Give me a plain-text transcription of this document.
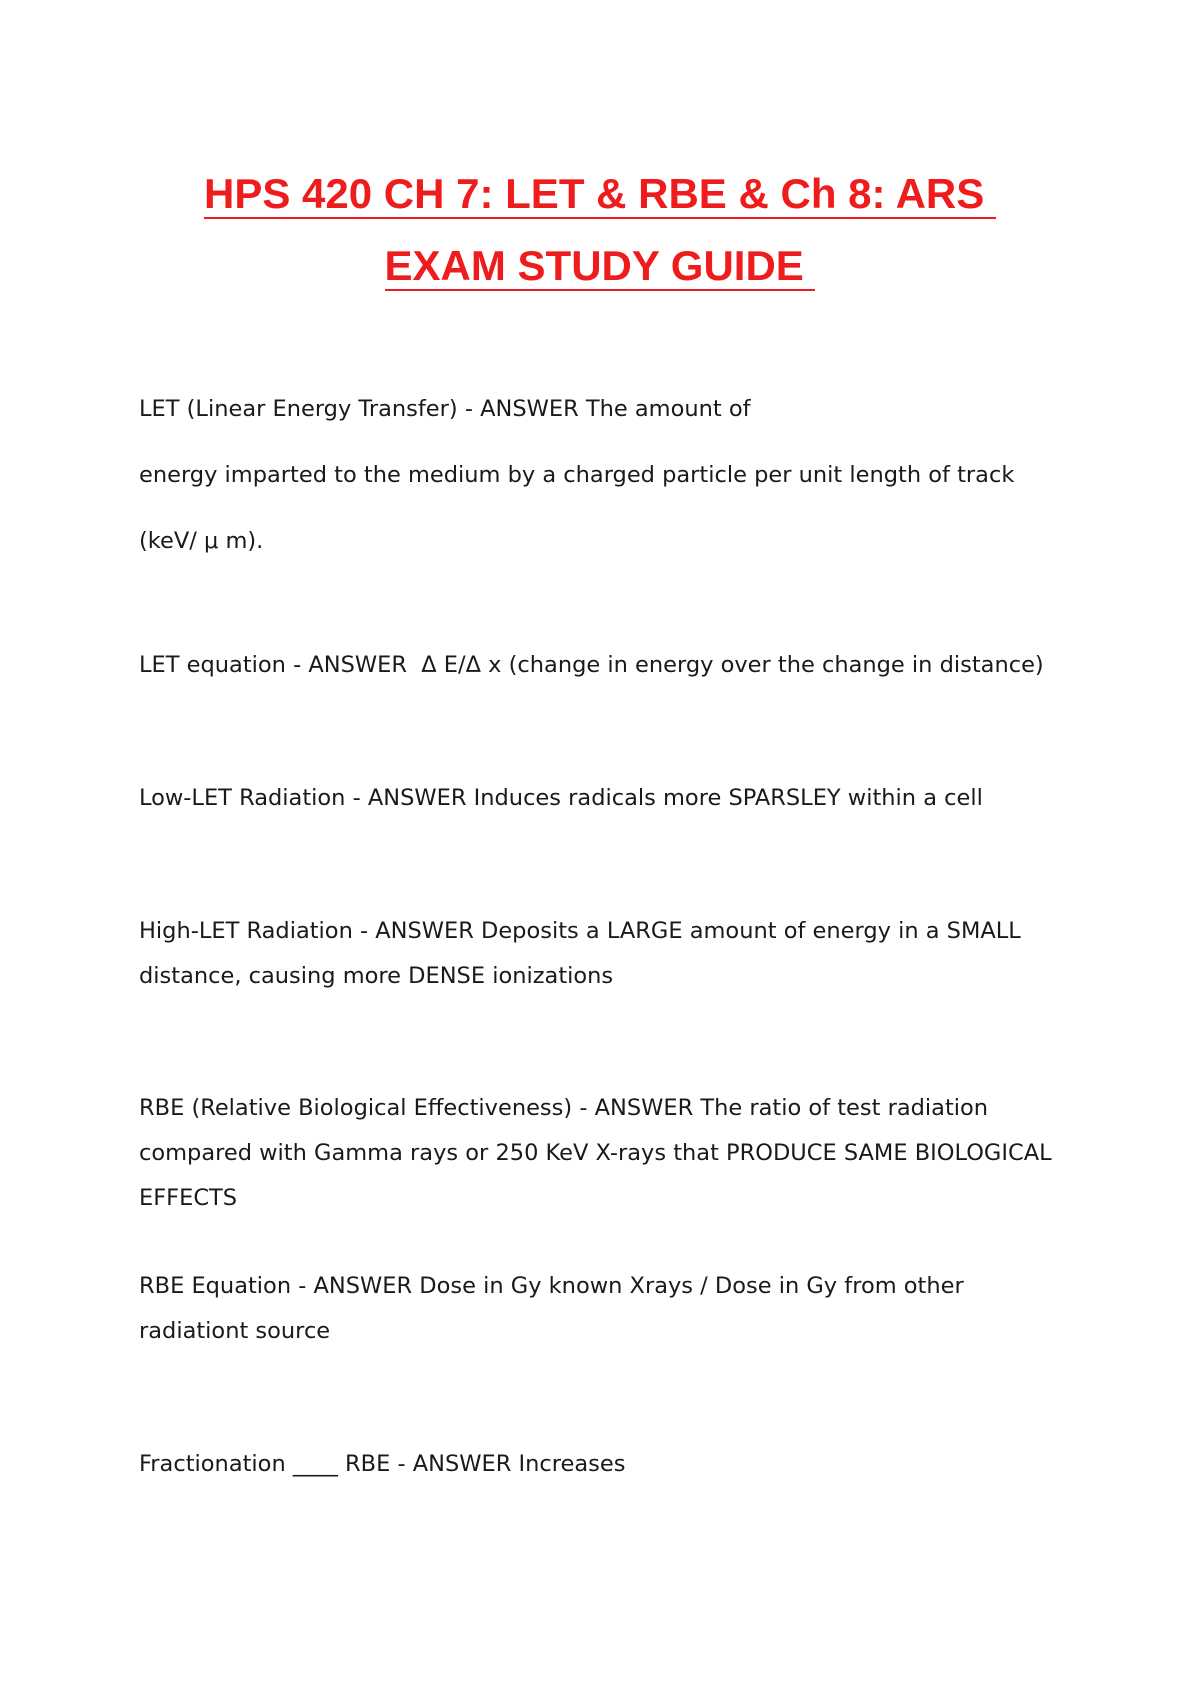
HPS 420 CH 7: LET & RBE & Ch 8: ARS
EXAM STUDY GUIDE
LET (Linear Energy Transfer) - ANSWER The amount of
energy imparted to the medium by a charged particle per unit length of track
(keV/ μ m).

LET equation - ANSWER  Δ E/Δ x (change in energy over the change in distance)

Low-LET Radiation - ANSWER Induces radicals more SPARSLEY within a cell

High-LET Radiation - ANSWER Deposits a LARGE amount of energy in a SMALL distance, causing more DENSE ionizations

RBE (Relative Biological Effectiveness) - ANSWER The ratio of test radiation compared with Gamma rays or 250 KeV X-rays that PRODUCE SAME BIOLOGICAL EFFECTS

RBE Equation - ANSWER Dose in Gy known Xrays / Dose in Gy from other radiationt source

Fractionation ____ RBE - ANSWER Increases
